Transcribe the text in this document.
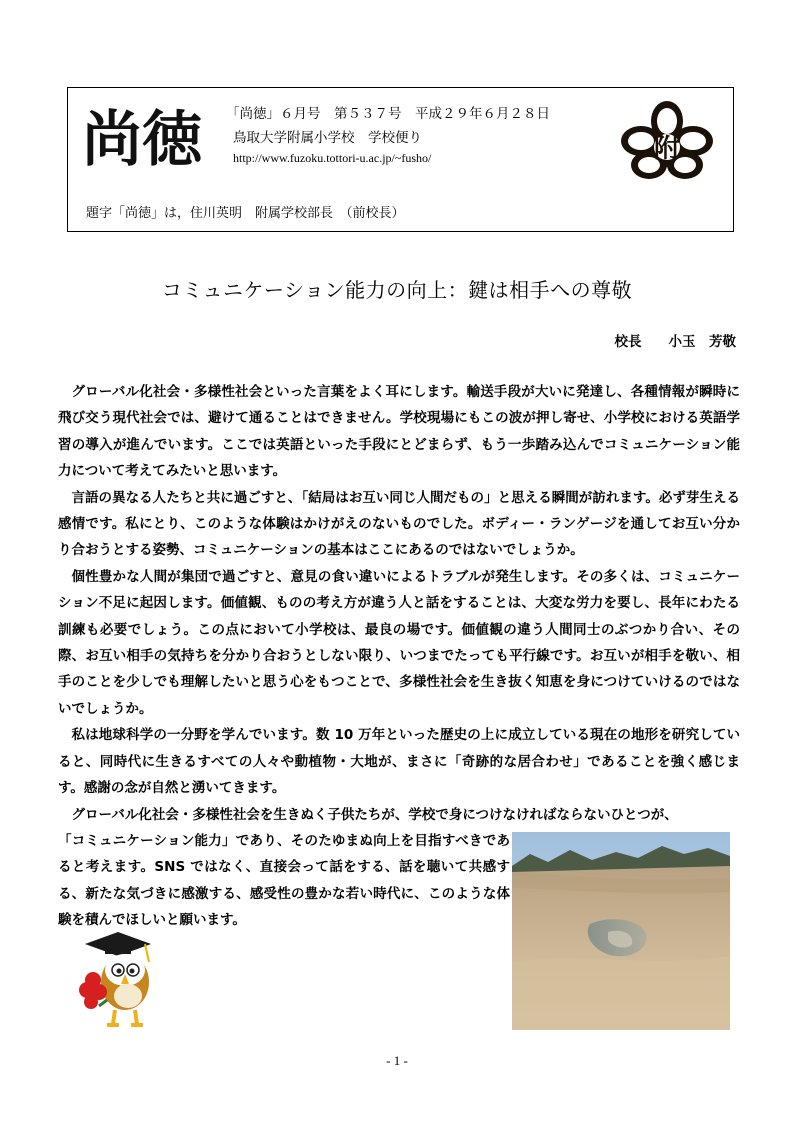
尚徳 「尚徳」６月号　第５３７号　平成２９年６月２８日
鳥取大学附属小学校　学校便り
http://www.fuzoku.tottori-u.ac.jp/~fusho/	附
題字「尚徳」は，住川英明　附属学校部長　（前校長）
コミュニケーション能力の向上：鍵は相手への尊敬
校長　　小玉　芳敬

グローバル化社会・多様性社会といった言葉をよく耳にします。輸送手段が大いに発達し、各種情報が瞬時に飛び交う現代社会では、避けて通ることはできません。学校現場にもこの波が押し寄せ、小学校における英語学習の導入が進んでいます。ここでは英語といった手段にとどまらず、もう一歩踏み込んでコミュニケーション能力について考えてみたいと思います。

言語の異なる人たちと共に過ごすと、「結局はお互い同じ人間だもの」と思える瞬間が訪れます。必ず芽生える感情です。私にとり、このような体験はかけがえのないものでした。ボディー・ランゲージを通してお互い分かり合おうとする姿勢、コミュニケーションの基本はここにあるのではないでしょうか。

個性豊かな人間が集団で過ごすと、意見の食い違いによるトラブルが発生します。その多くは、コミュニケーション不足に起因します。価値観、ものの考え方が違う人と話をすることは、大変な労力を要し、長年にわたる訓練も必要でしょう。この点において小学校は、最良の場です。価値観の違う人間同士のぶつかり合い、その際、お互い相手の気持ちを分かり合おうとしない限り、いつまでたっても平行線です。お互いが相手を敬い、相手のことを少しでも理解したいと思う心をもつことで、多様性社会を生き抜く知恵を身につけていけるのではないでしょうか。

私は地球科学の一分野を学んでいます。数 10 万年といった歴史の上に成立している現在の地形を研究していると、同時代に生きるすべての人々や動植物・大地が、まさに「奇跡的な居合わせ」であることを強く感じます。感謝の念が自然と湧いてきます。

グローバル化社会・多様性社会を生きぬく子供たちが、学校で身につけなければならないひとつが、

「コミュニケーション能力」であり、そのたゆまぬ向上を目指すべきであると考えます。SNS ではなく、直接会って話をする、話を聴いて共感する、新たな気づきに感激する、感受性の豊かな若い時代に、このような体験を積んでほしいと願います。

- 1 -
